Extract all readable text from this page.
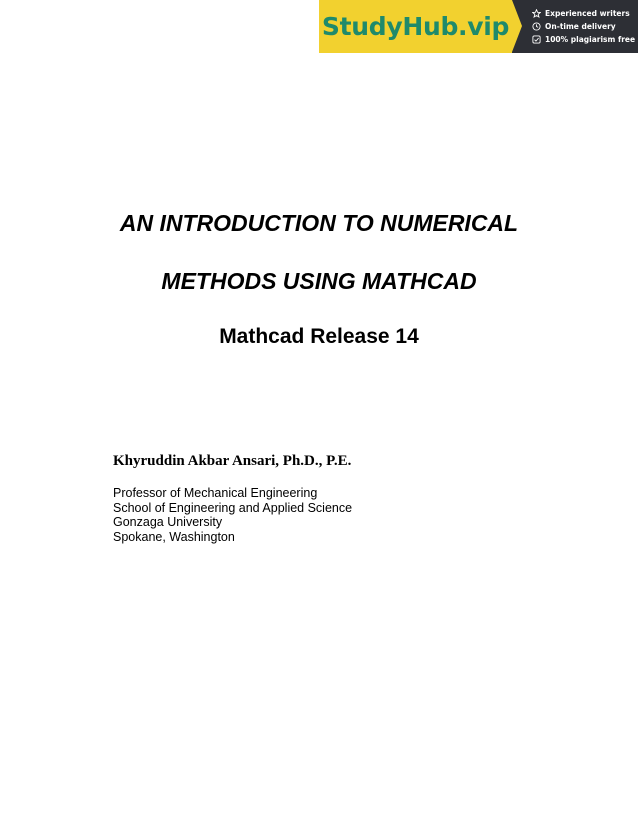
StudyHub.vip	Experienced writers
On-time delivery
100% plagiarism free
AN INTRODUCTION TO NUMERICAL
METHODS USING MATHCAD
Mathcad Release 14
Khyruddin Akbar Ansari, Ph.D., P.E.
Professor of Mechanical Engineering
School of Engineering and Applied Science
Gonzaga University
Spokane, Washington
